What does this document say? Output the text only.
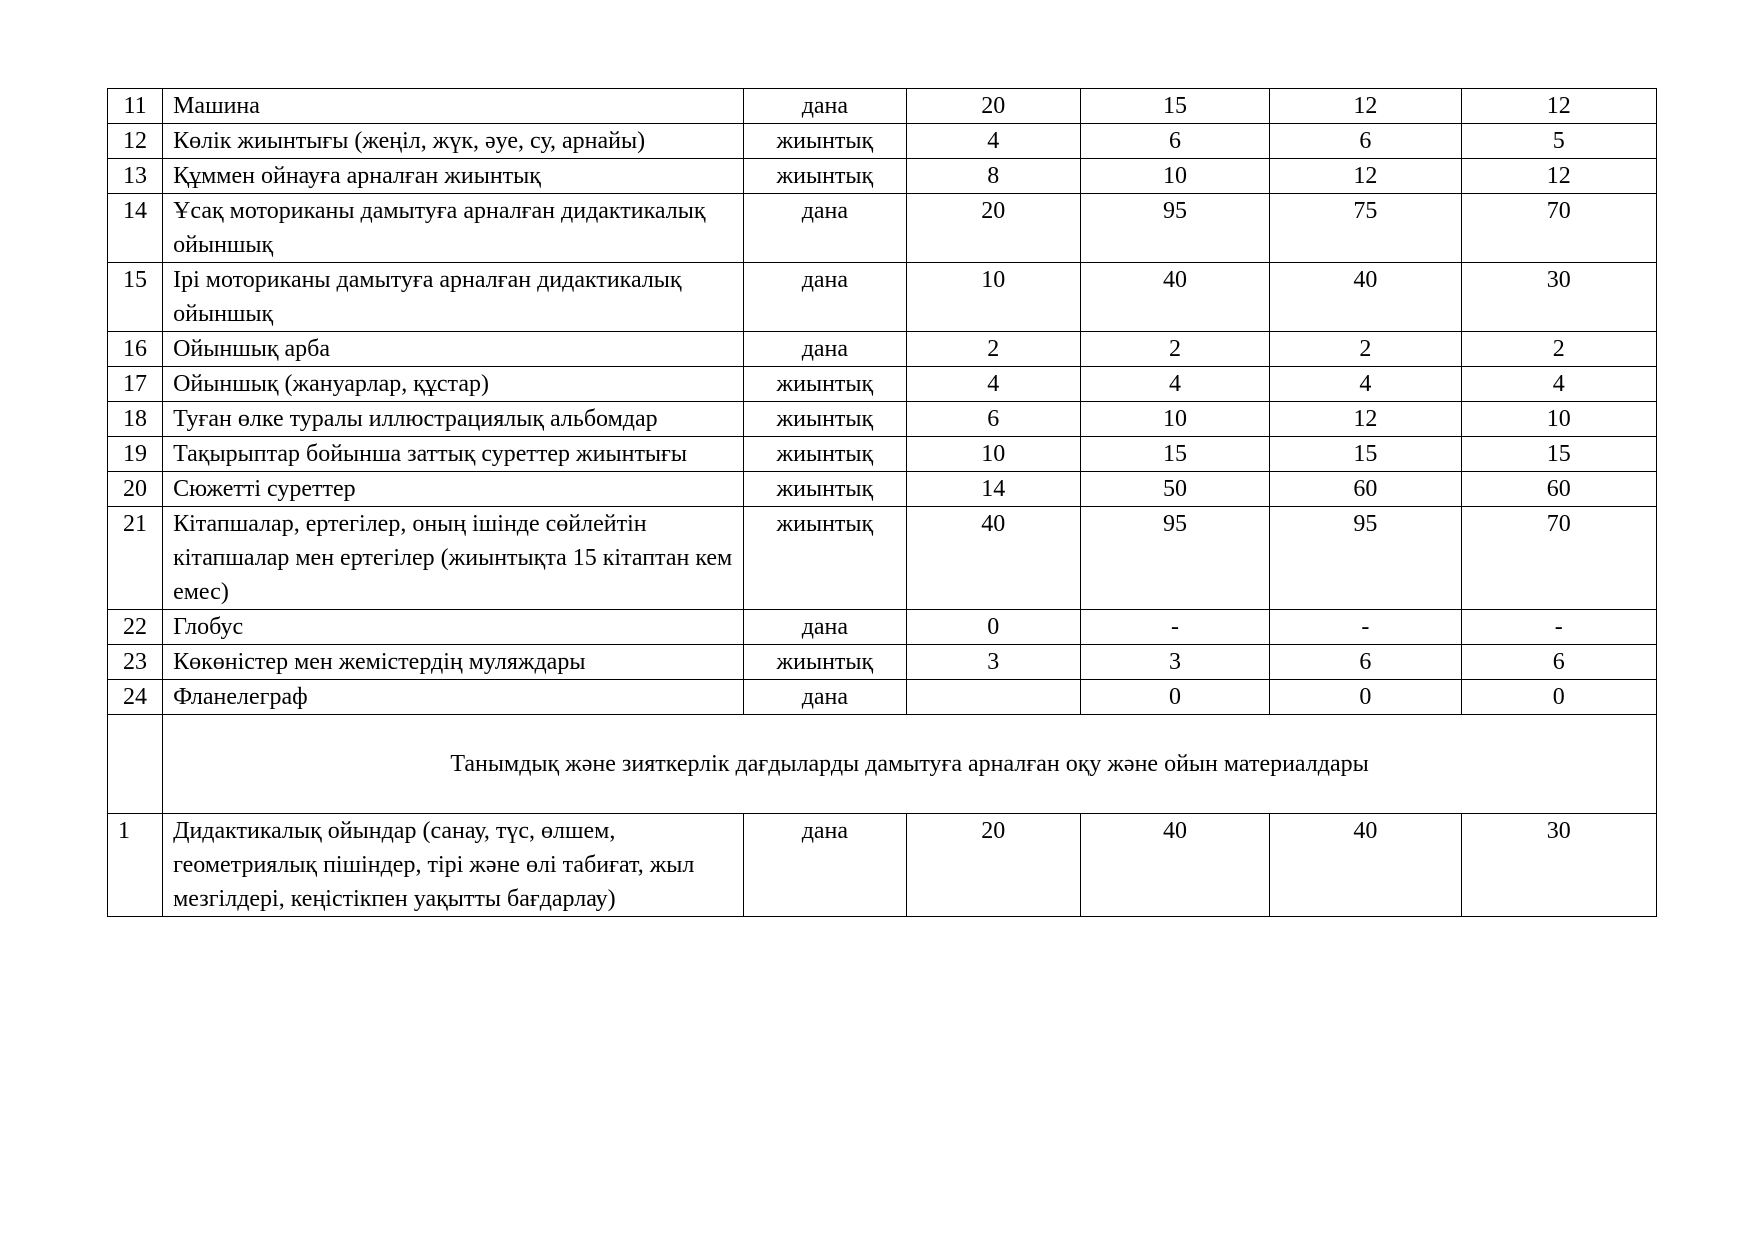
11	Машина	дана	20	15	12	12
12	Көлік жиынтығы (жеңіл, жүк, әуе, су, арнайы)	жиынтық	4	6	6	5
13	Құммен ойнауға арналған жиынтық	жиынтық	8	10	12	12
14	Ұсақ моториканы дамытуға арналған дидактикалық ойыншық	дана	20	95	75	70
15	Ірі моториканы дамытуға арналған дидактикалық ойыншық	дана	10	40	40	30
16	Ойыншық арба	дана	2	2	2	2
17	Ойыншық (жануарлар, құстар)	жиынтық	4	4	4	4
18	Туған өлке туралы иллюстрациялық альбомдар	жиынтық	6	10	12	10
19	Тақырыптар бойынша заттық суреттер жиынтығы	жиынтық	10	15	15	15
20	Сюжетті суреттер	жиынтық	14	50	60	60
21	Кітапшалар, ертегілер, оның ішінде сөйлейтін кітапшалар мен ертегілер (жиынтықта 15 кітаптан кем емес)	жиынтық	40	95	95	70
22	Глобус	дана	0	-	-	-
23	Көкөністер мен жемістердің муляждары	жиынтық	3	3	6	6
24	Фланелеграф	дана		0	0	0
	Танымдық және зияткерлік дағдыларды дамытуға арналған оқу және ойын материалдары					
1	Дидактикалық ойындар (санау, түс, өлшем, геометриялық пішіндер, тірі және өлі табиғат, жыл мезгілдері, кеңістікпен уақытты бағдарлау)	дана	20	40	40	30
